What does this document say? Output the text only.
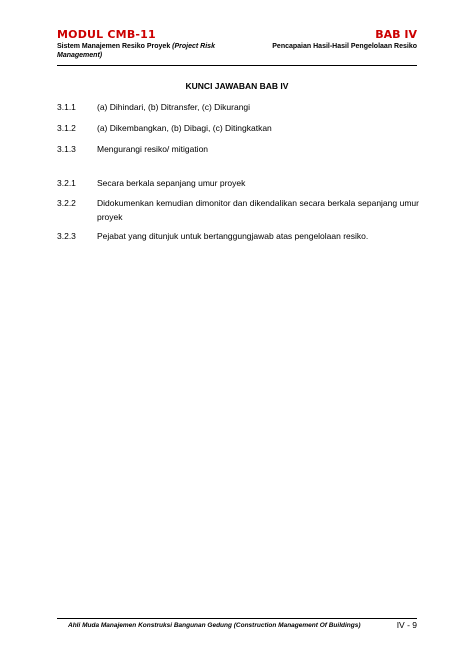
MODUL CMB-11	BAB IV
Sistem Manajemen Resiko Proyek (Project Risk Management)
Pencapaian Hasil-Hasil Pengelolaan Resiko
KUNCI JAWABAN BAB IV
3.1.1	(a) Dihindari, (b) Ditransfer, (c) Dikurangi
3.1.2	(a) Dikembangkan, (b) Dibagi, (c) Ditingkatkan
3.1.3	Mengurangi resiko/ mitigation
3.2.1	Secara berkala sepanjang umur proyek
3.2.2	Didokumenkan kemudian dimonitor dan dikendalikan secara berkala sepanjang umur proyek
3.2.3	Pejabat yang ditunjuk untuk bertanggungjawab atas pengelolaan resiko.
Ahli Muda Manajemen Konstruksi Bangunan Gedung (Construction Management Of Buildings)	IV - 9
